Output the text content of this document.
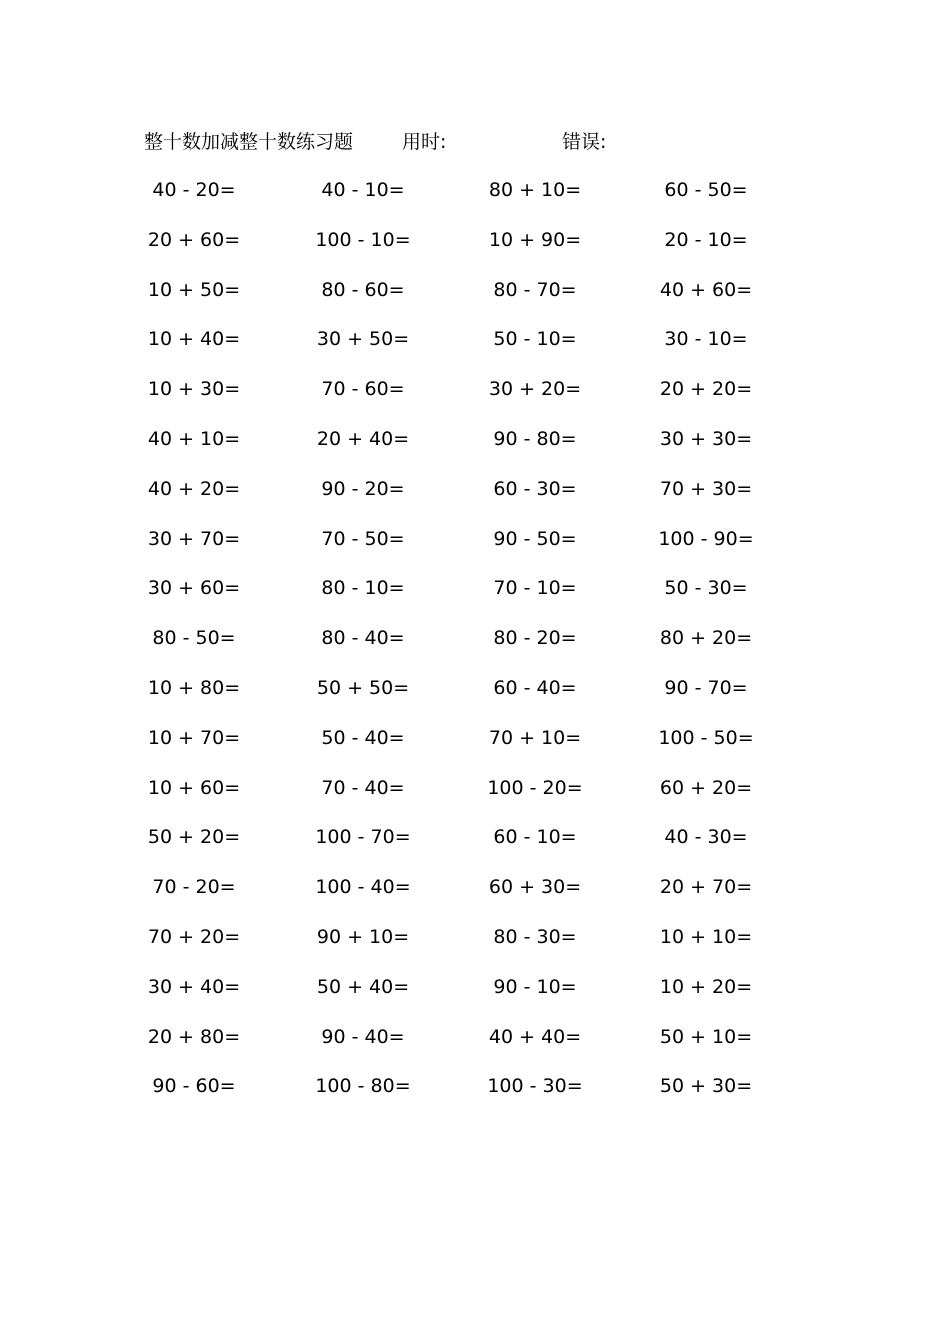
整十数加减整十数练习题	用时:	错误:
40 - 20=	40 - 10=	80 + 10=	60 - 50=
20 + 60=	100 - 10=	10 + 90=	20 - 10=
10 + 50=	80 - 60=	80 - 70=	40 + 60=
10 + 40=	30 + 50=	50 - 10=	30 - 10=
10 + 30=	70 - 60=	30 + 20=	20 + 20=
40 + 10=	20 + 40=	90 - 80=	30 + 30=
40 + 20=	90 - 20=	60 - 30=	70 + 30=
30 + 70=	70 - 50=	90 - 50=	100 - 90=
30 + 60=	80 - 10=	70 - 10=	50 - 30=
80 - 50=	80 - 40=	80 - 20=	80 + 20=
10 + 80=	50 + 50=	60 - 40=	90 - 70=
10 + 70=	50 - 40=	70 + 10=	100 - 50=
10 + 60=	70 - 40=	100 - 20=	60 + 20=
50 + 20=	100 - 70=	60 - 10=	40 - 30=
70 - 20=	100 - 40=	60 + 30=	20 + 70=
70 + 20=	90 + 10=	80 - 30=	10 + 10=
30 + 40=	50 + 40=	90 - 10=	10 + 20=
20 + 80=	90 - 40=	40 + 40=	50 + 10=
90 - 60=	100 - 80=	100 - 30=	50 + 30=
